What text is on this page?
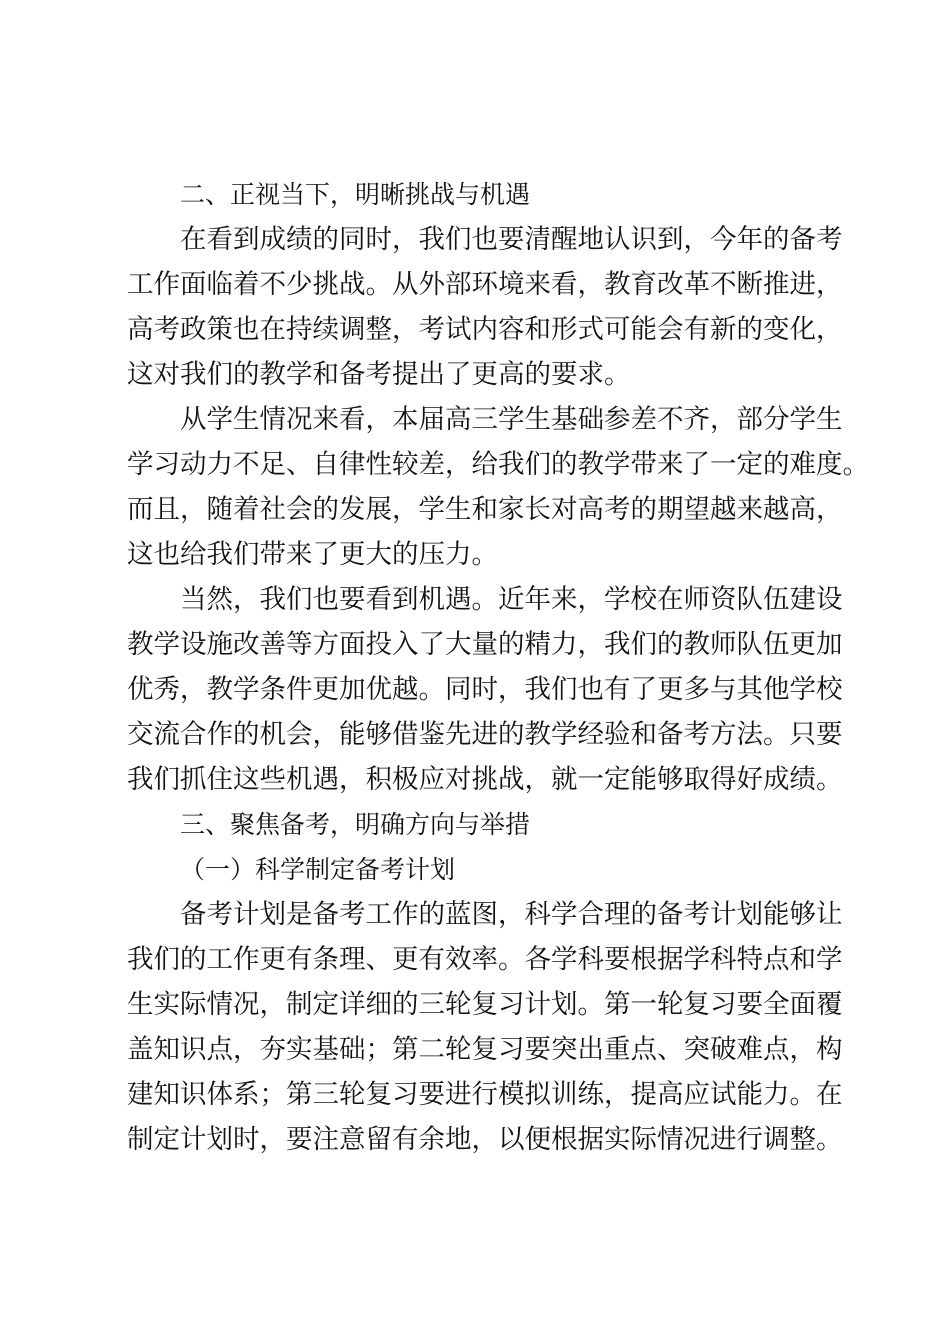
二、正视当下，明晰挑战与机遇

在看到成绩的同时，我们也要清醒地认识到，今年的备考
工作面临着不少挑战。从外部环境来看，教育改革不断推进，
高考政策也在持续调整，考试内容和形式可能会有新的变化，
这对我们的教学和备考提出了更高的要求。

从学生情况来看，本届高三学生基础参差不齐，部分学生
学习动力不足、自律性较差，给我们的教学带来了一定的难度。
而且，随着社会的发展，学生和家长对高考的期望越来越高，
这也给我们带来了更大的压力。

当然，我们也要看到机遇。近年来，学校在师资队伍建设
教学设施改善等方面投入了大量的精力，我们的教师队伍更加
优秀，教学条件更加优越。同时，我们也有了更多与其他学校
交流合作的机会，能够借鉴先进的教学经验和备考方法。只要
我们抓住这些机遇，积极应对挑战，就一定能够取得好成绩。

三、聚焦备考，明确方向与举措
（一）科学制定备考计划

备考计划是备考工作的蓝图，科学合理的备考计划能够让
我们的工作更有条理、更有效率。各学科要根据学科特点和学
生实际情况，制定详细的三轮复习计划。第一轮复习要全面覆
盖知识点，夯实基础；第二轮复习要突出重点、突破难点，构
建知识体系；第三轮复习要进行模拟训练，提高应试能力。在
制定计划时，要注意留有余地，以便根据实际情况进行调整。
